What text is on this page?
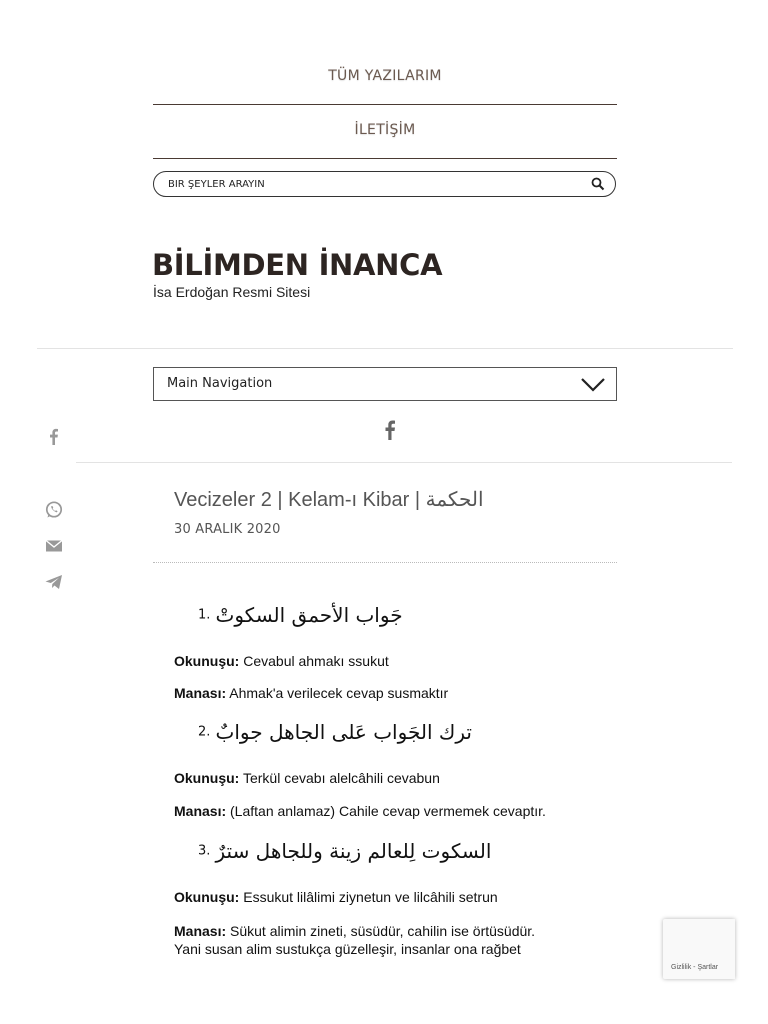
TÜM YAZILARIM
İLETİŞİM
BİR ŞEYLER ARAYIN
BİLİMDEN İNANCA
İsa Erdoğan Resmi Sitesi
Main Navigation
Vecizeler 2 | Kelam-ı Kibar | الحكمة
30 ARALIK 2020
1. جَواب الأحمق السكوتْ
Okunuşu: Cevabul ahmakı ssukut
Manası: Ahmak'a verilecek cevap susmaktır
2. ترك الجَواب عَلى الجاهل جوابٌ
Okunuşu: Terkül cevabı alelcâhili cevabun
Manası: (Laftan anlamaz) Cahile cevap vermemek cevaptır.
3. السكوت لِلعالم زينة وللجاهل سترٌ
Okunuşu: Essukut lilâlimi ziynetun ve lilcâhili setrun
Manası: Sükut alimin zineti, süsüdür, cahilin ise örtüsüdür.
Yani susan alim sustukça güzelleşir, insanlar ona rağbet
Gizlilik - Şartlar
